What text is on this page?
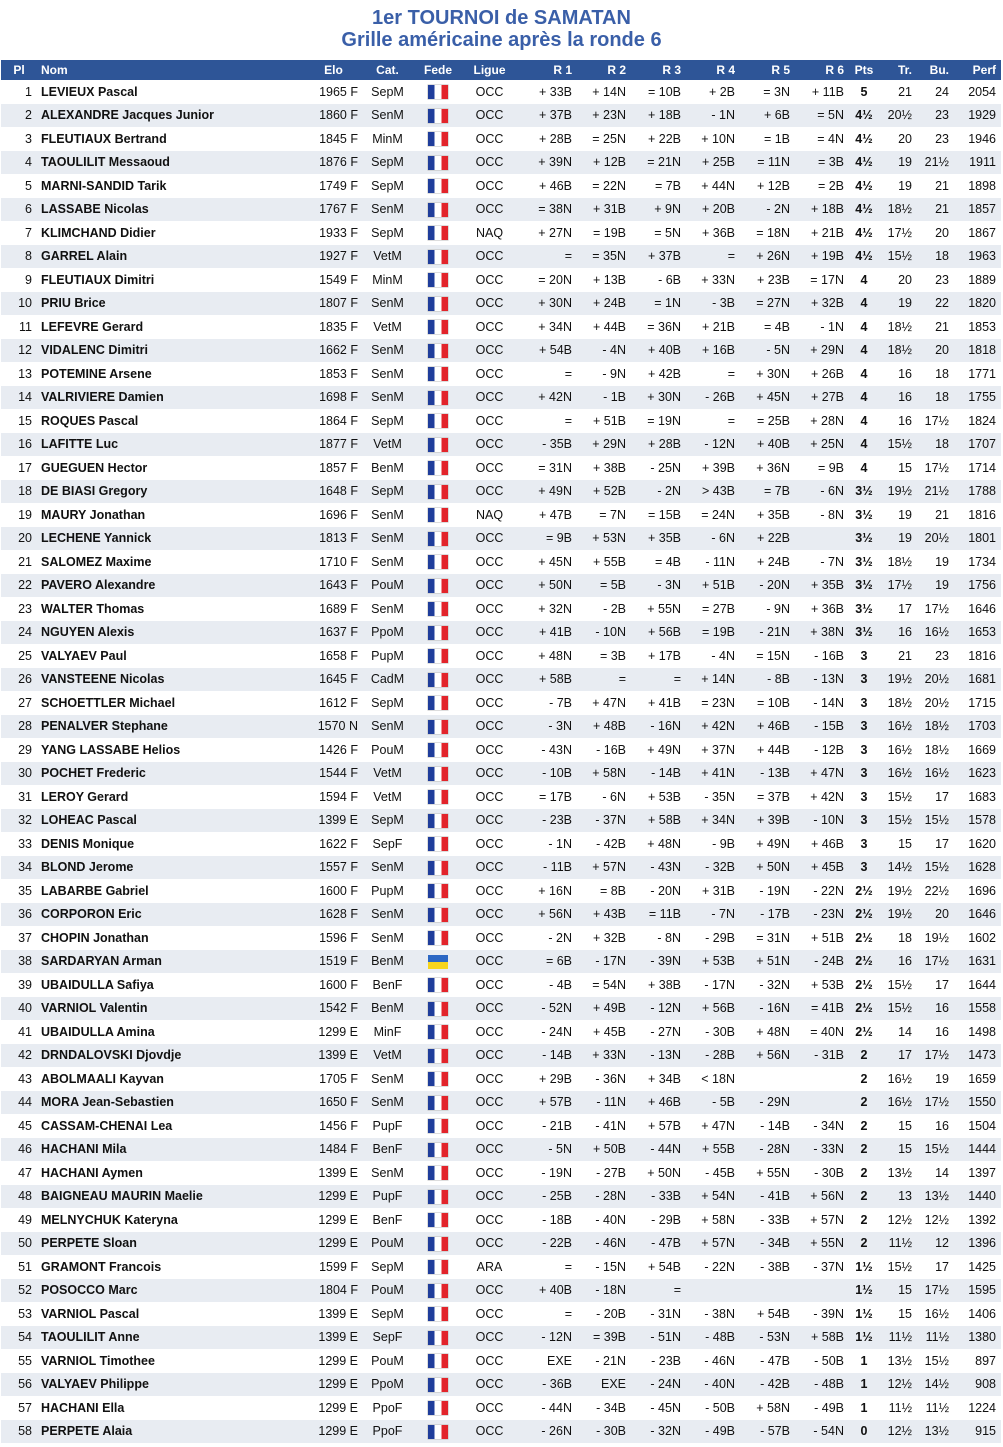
1er TOURNOI de SAMATAN
Grille américaine après la ronde 6
Pl	Nom	Elo	Cat.	Fede	Ligue	R 1	R 2	R 3	R 4	R 5	R 6	Pts	Tr.	Bu.	Perf
1	LEVIEUX Pascal	1965 F	SepM		OCC	+ 33B	+ 14N	= 10B	+ 2B	= 3N	+ 11B	5	21	24	2054
2	ALEXANDRE Jacques Junior	1860 F	SenM		OCC	+ 37B	+ 23N	+ 18B	- 1N	+ 6B	= 5N	4½	20½	23	1929
3	FLEUTIAUX Bertrand	1845 F	MinM		OCC	+ 28B	= 25N	+ 22B	+ 10N	= 1B	= 4N	4½	20	23	1946
4	TAOULILIT Messaoud	1876 F	SepM		OCC	+ 39N	+ 12B	= 21N	+ 25B	= 11N	= 3B	4½	19	21½	1911
5	MARNI-SANDID Tarik	1749 F	SepM		OCC	+ 46B	= 22N	= 7B	+ 44N	+ 12B	= 2B	4½	19	21	1898
6	LASSABE Nicolas	1767 F	SenM		OCC	= 38N	+ 31B	+ 9N	+ 20B	- 2N	+ 18B	4½	18½	21	1857
7	KLIMCHAND Didier	1933 F	SepM		NAQ	+ 27N	= 19B	= 5N	+ 36B	= 18N	+ 21B	4½	17½	20	1867
8	GARREL Alain	1927 F	VetM		OCC	=	= 35N	+ 37B	=	+ 26N	+ 19B	4½	15½	18	1963
9	FLEUTIAUX Dimitri	1549 F	MinM		OCC	= 20N	+ 13B	- 6B	+ 33N	+ 23B	= 17N	4	20	23	1889
10	PRIU Brice	1807 F	SenM		OCC	+ 30N	+ 24B	= 1N	- 3B	= 27N	+ 32B	4	19	22	1820
11	LEFEVRE Gerard	1835 F	VetM		OCC	+ 34N	+ 44B	= 36N	+ 21B	= 4B	- 1N	4	18½	21	1853
12	VIDALENC Dimitri	1662 F	SenM		OCC	+ 54B	- 4N	+ 40B	+ 16B	- 5N	+ 29N	4	18½	20	1818
13	POTEMINE Arsene	1853 F	SenM		OCC	=	- 9N	+ 42B	=	+ 30N	+ 26B	4	16	18	1771
14	VALRIVIERE Damien	1698 F	SenM		OCC	+ 42N	- 1B	+ 30N	- 26B	+ 45N	+ 27B	4	16	18	1755
15	ROQUES Pascal	1864 F	SepM		OCC	=	+ 51B	= 19N	=	= 25B	+ 28N	4	16	17½	1824
16	LAFITTE Luc	1877 F	VetM		OCC	- 35B	+ 29N	+ 28B	- 12N	+ 40B	+ 25N	4	15½	18	1707
17	GUEGUEN Hector	1857 F	BenM		OCC	= 31N	+ 38B	- 25N	+ 39B	+ 36N	= 9B	4	15	17½	1714
18	DE BIASI Gregory	1648 F	SepM		OCC	+ 49N	+ 52B	- 2N	> 43B	= 7B	- 6N	3½	19½	21½	1788
19	MAURY Jonathan	1696 F	SenM		NAQ	+ 47B	= 7N	= 15B	= 24N	+ 35B	- 8N	3½	19	21	1816
20	LECHENE Yannick	1813 F	SenM		OCC	= 9B	+ 53N	+ 35B	- 6N	+ 22B		3½	19	20½	1801
21	SALOMEZ Maxime	1710 F	SenM		OCC	+ 45N	+ 55B	= 4B	- 11N	+ 24B	- 7N	3½	18½	19	1734
22	PAVERO Alexandre	1643 F	PouM		OCC	+ 50N	= 5B	- 3N	+ 51B	- 20N	+ 35B	3½	17½	19	1756
23	WALTER Thomas	1689 F	SenM		OCC	+ 32N	- 2B	+ 55N	= 27B	- 9N	+ 36B	3½	17	17½	1646
24	NGUYEN Alexis	1637 F	PpoM		OCC	+ 41B	- 10N	+ 56B	= 19B	- 21N	+ 38N	3½	16	16½	1653
25	VALYAEV Paul	1658 F	PupM		OCC	+ 48N	= 3B	+ 17B	- 4N	= 15N	- 16B	3	21	23	1816
26	VANSTEENE Nicolas	1645 F	CadM		OCC	+ 58B	=	=	+ 14N	- 8B	- 13N	3	19½	20½	1681
27	SCHOETTLER Michael	1612 F	SepM		OCC	- 7B	+ 47N	+ 41B	= 23N	= 10B	- 14N	3	18½	20½	1715
28	PENALVER Stephane	1570 N	SenM		OCC	- 3N	+ 48B	- 16N	+ 42N	+ 46B	- 15B	3	16½	18½	1703
29	YANG LASSABE Helios	1426 F	PouM		OCC	- 43N	- 16B	+ 49N	+ 37N	+ 44B	- 12B	3	16½	18½	1669
30	POCHET Frederic	1544 F	VetM		OCC	- 10B	+ 58N	- 14B	+ 41N	- 13B	+ 47N	3	16½	16½	1623
31	LEROY Gerard	1594 F	VetM		OCC	= 17B	- 6N	+ 53B	- 35N	= 37B	+ 42N	3	15½	17	1683
32	LOHEAC Pascal	1399 E	SepM		OCC	- 23B	- 37N	+ 58B	+ 34N	+ 39B	- 10N	3	15½	15½	1578
33	DENIS Monique	1622 F	SepF		OCC	- 1N	- 42B	+ 48N	- 9B	+ 49N	+ 46B	3	15	17	1620
34	BLOND Jerome	1557 F	SenM		OCC	- 11B	+ 57N	- 43N	- 32B	+ 50N	+ 45B	3	14½	15½	1628
35	LABARBE Gabriel	1600 F	PupM		OCC	+ 16N	= 8B	- 20N	+ 31B	- 19N	- 22N	2½	19½	22½	1696
36	CORPORON Eric	1628 F	SenM		OCC	+ 56N	+ 43B	= 11B	- 7N	- 17B	- 23N	2½	19½	20	1646
37	CHOPIN Jonathan	1596 F	SenM		OCC	- 2N	+ 32B	- 8N	- 29B	= 31N	+ 51B	2½	18	19½	1602
38	SARDARYAN Arman	1519 F	BenM		OCC	= 6B	- 17N	- 39N	+ 53B	+ 51N	- 24B	2½	16	17½	1631
39	UBAIDULLA Safiya	1600 F	BenF		OCC	- 4B	= 54N	+ 38B	- 17N	- 32N	+ 53B	2½	15½	17	1644
40	VARNIOL Valentin	1542 F	BenM		OCC	- 52N	+ 49B	- 12N	+ 56B	- 16N	= 41B	2½	15½	16	1558
41	UBAIDULLA Amina	1299 E	MinF		OCC	- 24N	+ 45B	- 27N	- 30B	+ 48N	= 40N	2½	14	16	1498
42	DRNDALOVSKI Djovdje	1399 E	VetM		OCC	- 14B	+ 33N	- 13N	- 28B	+ 56N	- 31B	2	17	17½	1473
43	ABOLMAALI Kayvan	1705 F	SenM		OCC	+ 29B	- 36N	+ 34B	< 18N			2	16½	19	1659
44	MORA Jean-Sebastien	1650 F	SenM		OCC	+ 57B	- 11N	+ 46B	- 5B	- 29N		2	16½	17½	1550
45	CASSAM-CHENAI Lea	1456 F	PupF		OCC	- 21B	- 41N	+ 57B	+ 47N	- 14B	- 34N	2	15	16	1504
46	HACHANI Mila	1484 F	BenF		OCC	- 5N	+ 50B	- 44N	+ 55B	- 28N	- 33N	2	15	15½	1444
47	HACHANI Aymen	1399 E	SenM		OCC	- 19N	- 27B	+ 50N	- 45B	+ 55N	- 30B	2	13½	14	1397
48	BAIGNEAU MAURIN Maelie	1299 E	PupF		OCC	- 25B	- 28N	- 33B	+ 54N	- 41B	+ 56N	2	13	13½	1440
49	MELNYCHUK Kateryna	1299 E	BenF		OCC	- 18B	- 40N	- 29B	+ 58N	- 33B	+ 57N	2	12½	12½	1392
50	PERPETE Sloan	1299 E	PouM		OCC	- 22B	- 46N	- 47B	+ 57N	- 34B	+ 55N	2	11½	12	1396
51	GRAMONT Francois	1599 F	SepM		ARA	=	- 15N	+ 54B	- 22N	- 38B	- 37N	1½	15½	17	1425
52	POSOCCO Marc	1804 F	PouM		OCC	+ 40B	- 18N	=				1½	15	17½	1595
53	VARNIOL Pascal	1399 E	SepM		OCC	=	- 20B	- 31N	- 38N	+ 54B	- 39N	1½	15	16½	1406
54	TAOULILIT Anne	1399 E	SepF		OCC	- 12N	= 39B	- 51N	- 48B	- 53N	+ 58B	1½	11½	11½	1380
55	VARNIOL Timothee	1299 E	PouM		OCC	EXE	- 21N	- 23B	- 46N	- 47B	- 50B	1	13½	15½	897
56	VALYAEV Philippe	1299 E	PpoM		OCC	- 36B	EXE	- 24N	- 40N	- 42B	- 48B	1	12½	14½	908
57	HACHANI Ella	1299 E	PpoF		OCC	- 44N	- 34B	- 45N	- 50B	+ 58N	- 49B	1	11½	11½	1224
58	PERPETE Alaia	1299 E	PpoF		OCC	- 26N	- 30B	- 32N	- 49B	- 57B	- 54N	0	12½	13½	915
